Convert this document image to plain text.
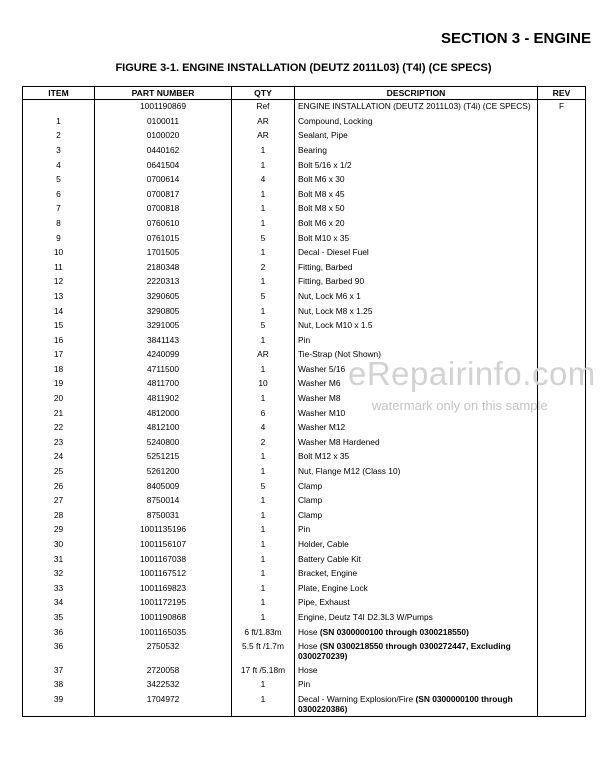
SECTION 3 - ENGINE
FIGURE 3-1. ENGINE INSTALLATION (DEUTZ 2011L03) (T4I) (CE SPECS)
ITEM	PART NUMBER	QTY	DESCRIPTION	REV
	1001190869	Ref	ENGINE INSTALLATION (DEUTZ 2011L03) (T4i) (CE SPECS)	F
1	0100011	AR	Compound, Locking	
2	0100020	AR	Sealant, Pipe	
3	0440162	1	Bearing	
4	0641504	1	Bolt 5/16 x 1/2	
5	0700614	4	Bolt M6 x 30	
6	0700817	1	Bolt M8 x 45	
7	0700818	1	Bolt M8 x 50	
8	0760610	1	Bolt M6 x 20	
9	0761015	5	Bolt M10 x 35	
10	1701505	1	Decal - Diesel Fuel	
11	2180348	2	Fitting, Barbed	
12	2220313	1	Fitting, Barbed 90	
13	3290605	5	Nut, Lock M6 x 1	
14	3290805	1	Nut, Lock M8 x 1.25	
15	3291005	5	Nut, Lock M10 x 1.5	
16	3841143	1	Pin	
17	4240099	AR	Tie-Strap (Not Shown)	
18	4711500	1	Washer 5/16	
19	4811700	10	Washer M6	
20	4811902	1	Washer M8	
21	4812000	6	Washer M10	
22	4812100	4	Washer M12	
23	5240800	2	Washer M8 Hardened	
24	5251215	1	Bolt M12 x 35	
25	5261200	1	Nut, Flange M12 (Class 10)	
26	8405009	5	Clamp	
27	8750014	1	Clamp	
28	8750031	1	Clamp	
29	1001135196	1	Pin	
30	1001156107	1	Holder, Cable	
31	1001167038	1	Battery Cable Kit	
32	1001167512	1	Bracket, Engine	
33	1001169823	1	Plate, Engine Lock	
34	1001172195	1	Pipe, Exhaust	
35	1001190868	1	Engine, Deutz T4I D2.3L3 W/Pumps	
36	1001165035	6 ft/1.83m	Hose (SN 0300000100 through 0300218550)	
36	2750532	5.5 ft /1.7m	Hose (SN 0300218550 through 0300272447, Excluding 0300270239)	
37	2720058	17 ft /5.18m	Hose	
38	3422532	1	Pin	
39	1704972	1	Decal - Warning Explosion/Fire (SN 0300000100 through 0300220386)	
eRepairinfo.com
watermark only on this sample
